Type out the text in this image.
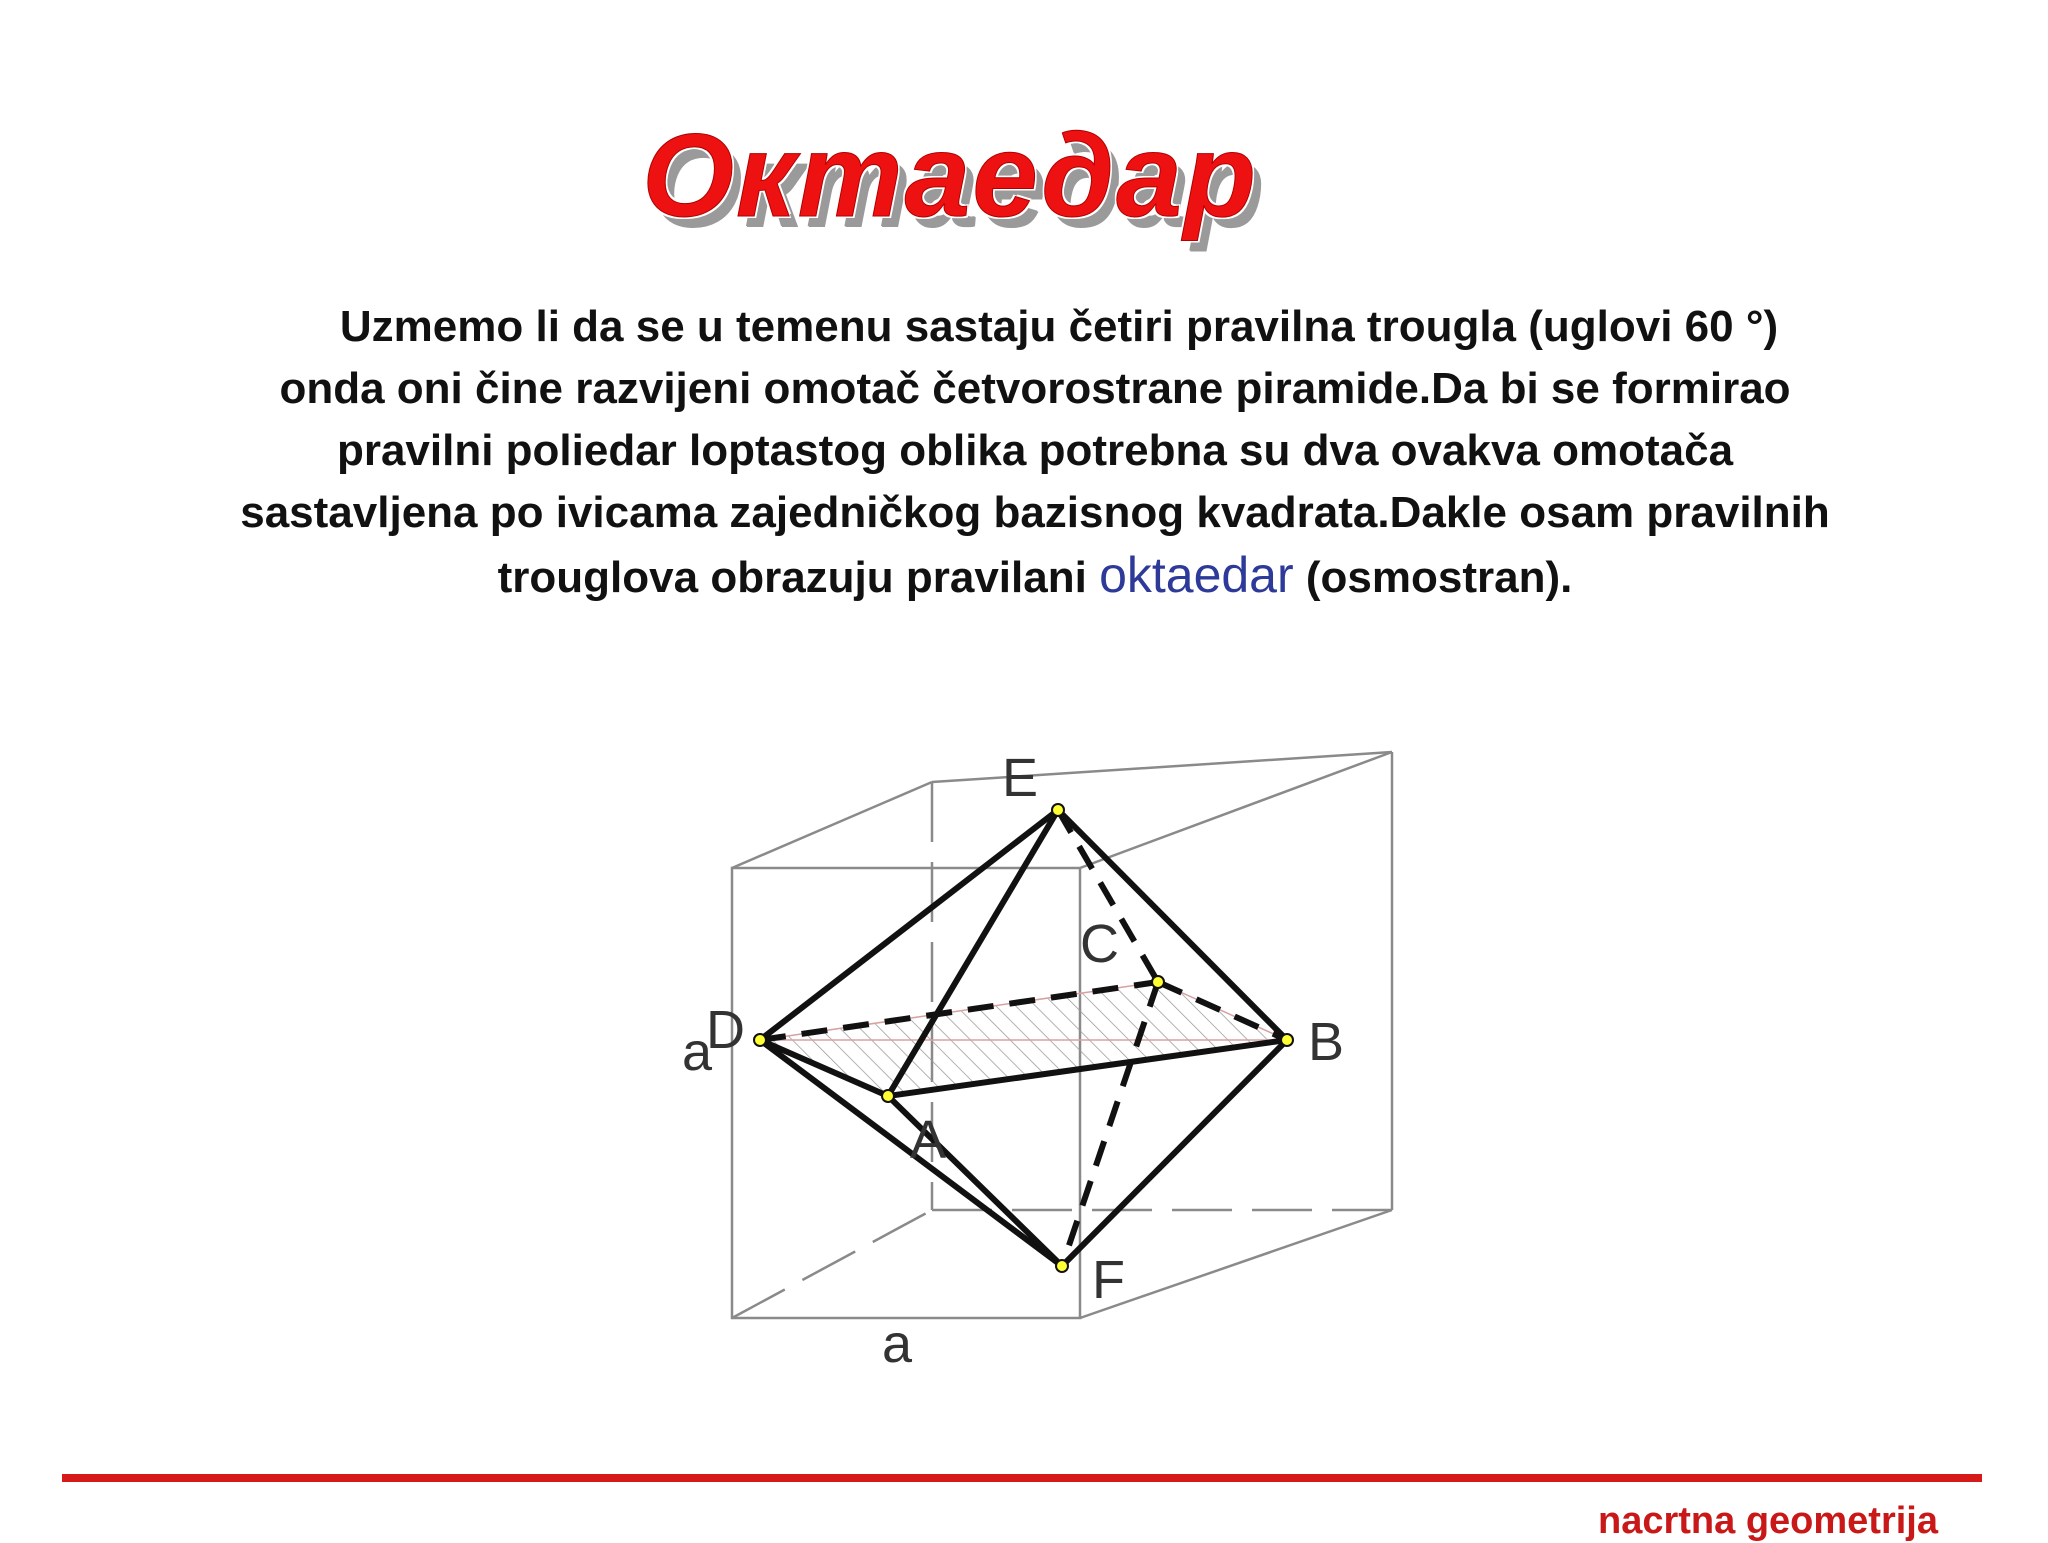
Октаедар
Uzmemo li da se u temenu sastaju četiri pravilna trougla (uglovi 60 °)
onda oni čine razvijeni omotač četvorostrane piramide.Da bi se formirao
pravilni poliedar loptastog oblika potrebna su dva ovakva omotača
sastavljena po ivicama zajedničkog bazisnog kvadrata.Dakle osam pravilnih
trouglova obrazuju pravilani oktaedar (osmostran).
E
C
D	B
A
F
a
a
nacrtna geometrija
